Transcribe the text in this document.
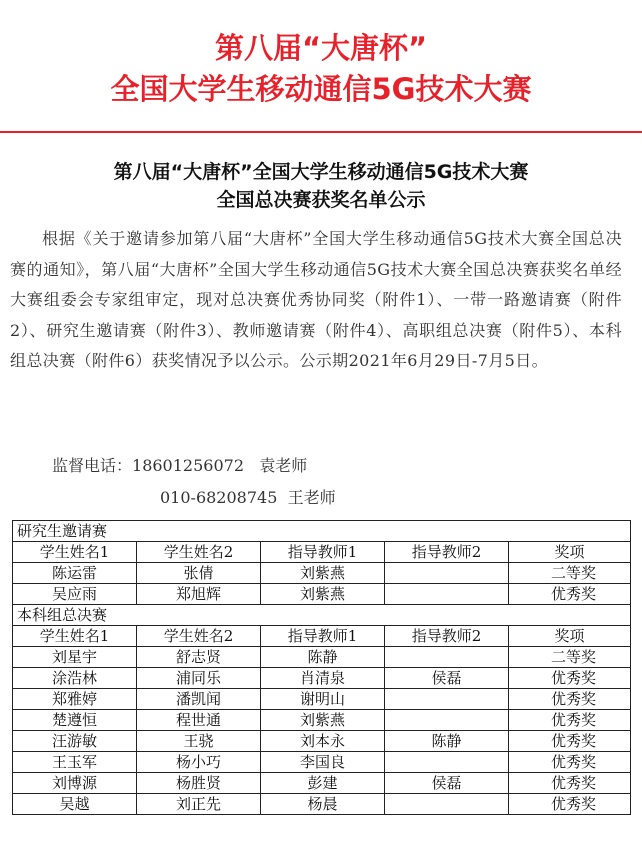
第八届“大唐杯”
全国大学生移动通信5G技术大赛
第八届“大唐杯”全国大学生移动通信5G技术大赛
全国总决赛获奖名单公示
根据《关于邀请参加第八届“大唐杯”全国大学生移动通信5G技术大赛全国总决赛的通知》，第八届“大唐杯”全国大学生移动通信5G技术大赛全国总决赛获奖名单经大赛组委会专家组审定，现对总决赛优秀协同奖（附件1）、一带一路邀请赛（附件2）、研究生邀请赛（附件3）、教师邀请赛（附件4）、高职组总决赛（附件5）、本科组总决赛（附件6）获奖情况予以公示。公示期2021年6月29日-7月5日。
监督电话：18601256072 袁老师
010-68208745 王老师
研究生邀请赛				
学生姓名1	学生姓名2	指导教师1	指导教师2	奖项
陈运雷	张倩	刘紫燕		二等奖
吴应雨	郑旭辉	刘紫燕		优秀奖
本科组总决赛				
学生姓名1	学生姓名2	指导教师1	指导教师2	奖项
刘星宇	舒志贤	陈静		二等奖
涂浩林	浦同乐	肖清泉	侯磊	优秀奖
郑雅婷	潘凯闻	谢明山		优秀奖
楚遵恒	程世通	刘紫燕		优秀奖
汪游敏	王骁	刘本永	陈静	优秀奖
王玉军	杨小巧	李国良		优秀奖
刘博源	杨胜贤	彭建	侯磊	优秀奖
吴越	刘正先	杨晨		优秀奖
